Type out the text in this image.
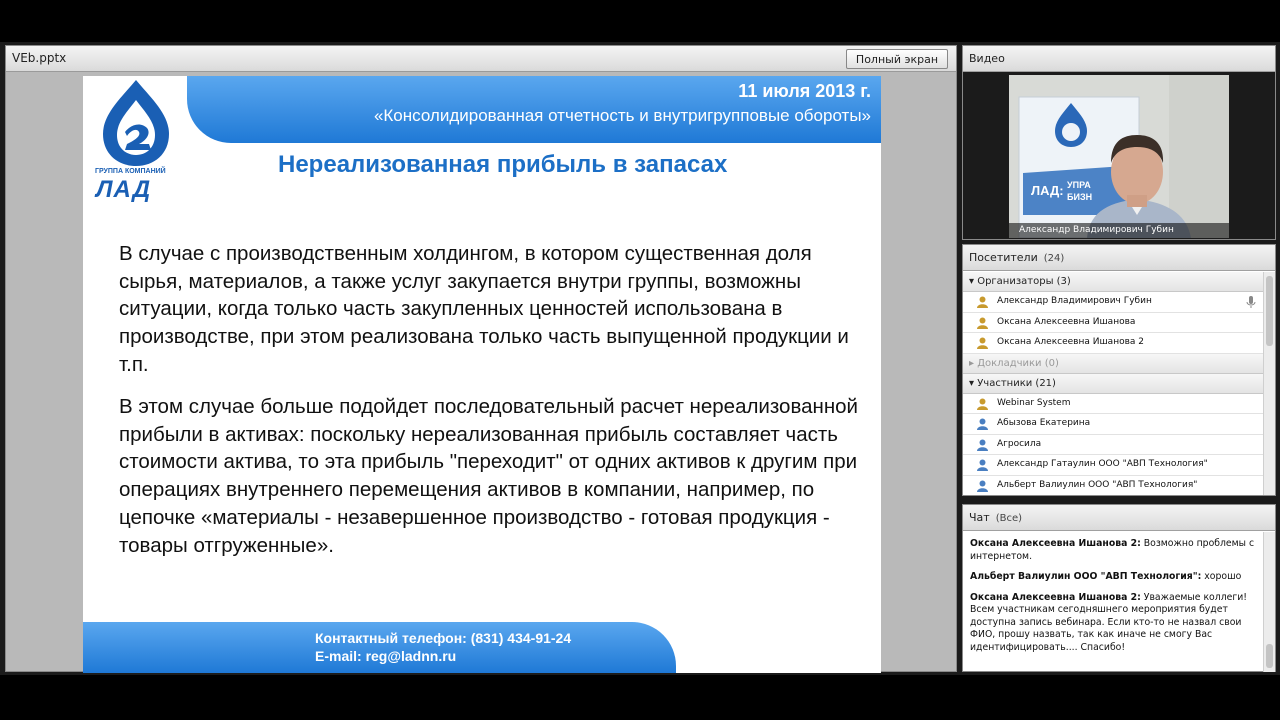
VEb.pptx	Полный экран
11 июля 2013 г.
«Консолидированная отчетность и внутригрупповые обороты»
ГРУППА КОМПАНИЙ
ЛАД
Нереализованная прибыль в запасах
В случае с производственным холдингом, в котором существенная доля сырья, материалов, а также услуг закупается внутри группы, возможны ситуации, когда только часть закупленных ценностей использована в производстве, при этом реализована только часть выпущенной продукции и т.п.
В этом случае больше подойдет последовательный расчет нереализованной прибыли в активах: поскольку нереализованная прибыль составляет часть стоимости актива, то эта прибыль "переходит" от одних активов к другим при операциях внутреннего перемещения активов в компании, например, по цепочке «материалы - незавершенное производство - готовая продукция - товары отгруженные».
Контактный телефон: (831) 434-91-24
E-mail: reg@ladnn.ru
Видео
ЛАД: УПРА
БИЗН
Александр Владимирович Губин
Посетители (24)
▾ Организаторы (3)
Александр Владимирович Губин
Оксана Алексеевна Ишанова
Оксана Алексеевна Ишанова 2
▸ Докладчики (0)
▾ Участники (21)
Webinar System
Абызова Екатерина
Агросила
Александр Гатаулин ООО "АВП Технология"
Альберт Валиулин ООО "АВП Технология"
Чат (Все)
Оксана Алексеевна Ишанова 2: Возможно проблемы с интернетом.
Альберт Валиулин ООО "АВП Технология": хорошо
Оксана Алексеевна Ишанова 2: Уважаемые коллеги! Всем участникам сегодняшнего мероприятия будет доступна запись вебинара. Если кто-то не назвал свои ФИО, прошу назвать, так как иначе не смогу Вас идентифицировать.... Спасибо!
